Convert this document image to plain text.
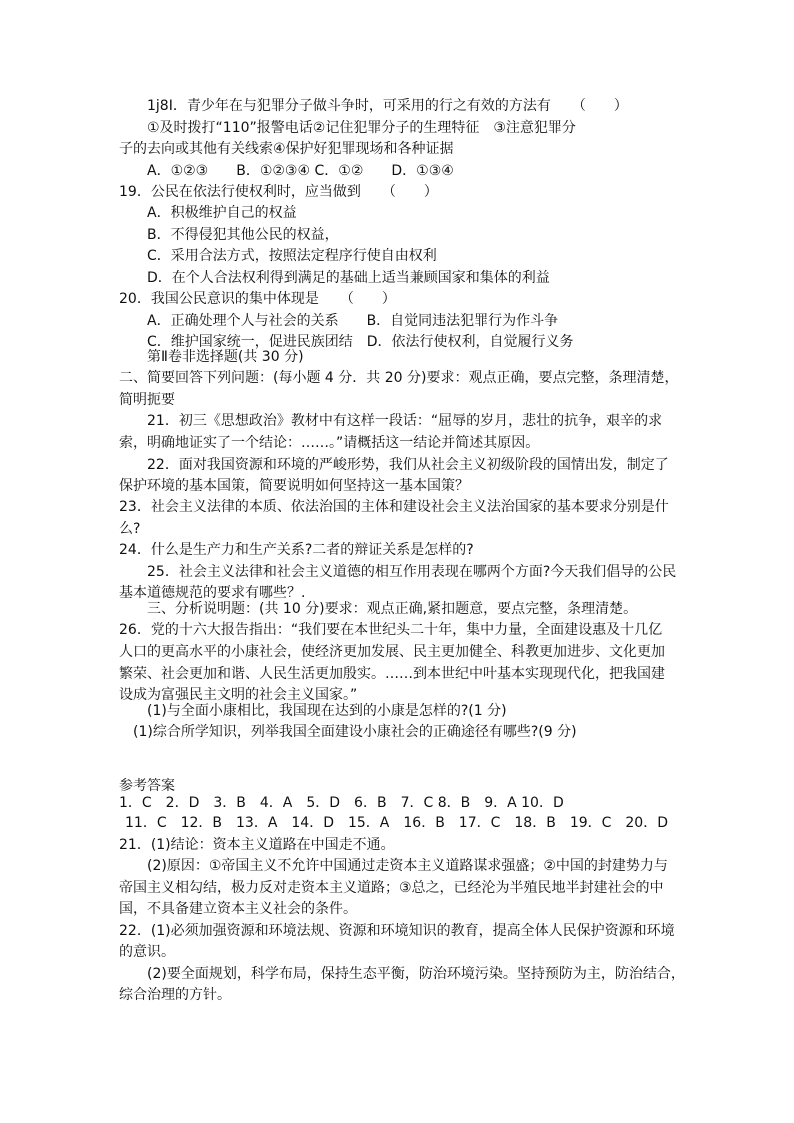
1j8I．青少年在与犯罪分子做斗争时，可采用的行之有效的方法有　　（　　）
①及时拨打“110”报警电话②记住犯罪分子的生理特征　③注意犯罪分
子的去向或其他有关线索④保护好犯罪现场和各种证据
A．①②③　　B．①②③④ C．①②　　D．①③④
19．公民在依法行使权利时，应当做到　　（　　）
A．积极维护自己的权益
B．不得侵犯其他公民的权益，
C．采用合法方式，按照法定程序行使自由权利
D．在个人合法权利得到满足的基础上适当兼顾国家和集体的利益
20．我国公民意识的集中体现是　　（　　）
A．正确处理个人与社会的关系　　B．自觉同违法犯罪行为作斗争
C．维护国家统一，促进民族团结　D．依法行使权利，自觉履行义务
第Ⅱ卷非选择题(共 30 分)
二、简要回答下列问题：(每小题 4 分．共 20 分)要求：观点正确，要点完整，条理清楚，
简明扼要
21．初三《思想政治》教材中有这样一段话：“屈辱的岁月，悲壮的抗争，艰辛的求
索，明确地证实了一个结论：……。”请概括这一结论并简述其原因。
22．面对我国资源和环境的严峻形势，我们从社会主义初级阶段的国情出发，制定了
保护环境的基本国策，简要说明如何坚持这一基本国策？
23．社会主义法律的本质、依法治国的主体和建设社会主义法治国家的基本要求分别是什
么?
24．什么是生产力和生产关系?二者的辩证关系是怎样的?
25．社会主义法律和社会主义道德的相互作用表现在哪两个方面?今天我们倡导的公民
基本道德规范的要求有哪些？.
三、分析说明题：(共 10 分)要求：观点正确,紧扣题意，要点完整，条理清楚。
26．党的十六大报告指出：“我们要在本世纪头二十年，集中力量，全面建设惠及十几亿
人口的更高水平的小康社会，使经济更加发展、民主更加健全、科教更加进步、文化更加
繁荣、社会更加和谐、人民生活更加殷实。……到本世纪中叶基本实现现代化，把我国建
设成为富强民主文明的社会主义国家。”
(1)与全面小康相比，我国现在达到的小康是怎样的?(1 分)
(1)综合所学知识，列举我国全面建设小康社会的正确途径有哪些?(9 分)
参考答案
1．C　2．D　3．B　4．A　5．D　6．B　7．C 8．B　9．A 10．D
11．C　12．B　13．A　14．D　15．A　16．B　17．C　18．B　19．C　20．D
21．(1)结论：资本主义道路在中国走不通。
(2)原因：①帝国主义不允许中国通过走资本主义道路谋求强盛；②中国的封建势力与
帝国主义相勾结，极力反对走资本主义道路；③总之，已经沦为半殖民地半封建社会的中
国，不具备建立资本主义社会的条件。
22．(1)必须加强资源和环境法规、资源和环境知识的教育，提高全体人民保护资源和环境
的意识。
(2)要全面规划，科学布局，保持生态平衡，防治环境污染。坚持预防为主，防治结合，
综合治理的方针。
